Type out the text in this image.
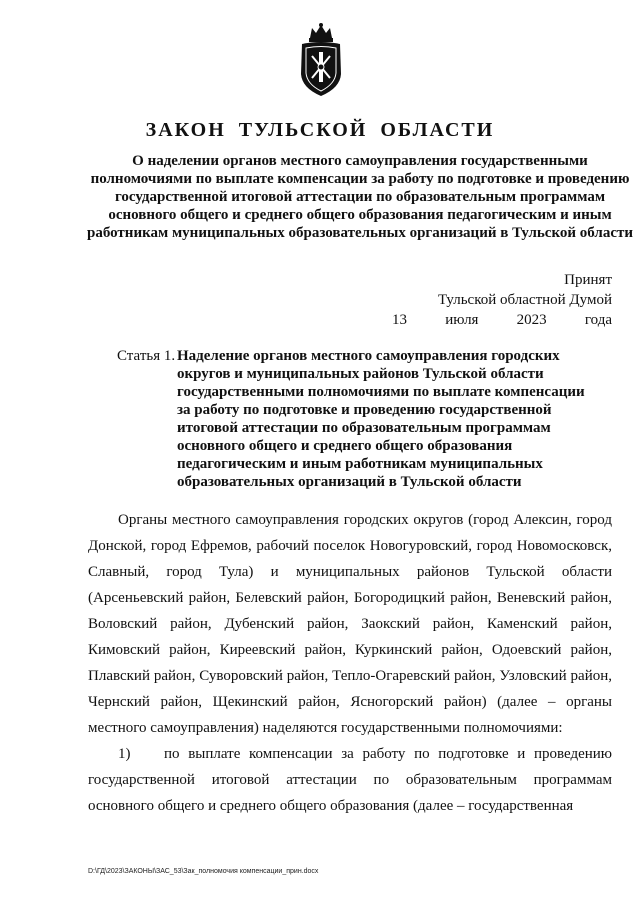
ЗАКОН ТУЛЬСКОЙ ОБЛАСТИ
О наделении органов местного самоуправления государственными полномочиями по выплате компенсации за работу по подготовке и проведению государственной итоговой аттестации по образовательным программам основного общего и среднего общего образования педагогическим и иным работникам муниципальных образовательных организаций в Тульской области
Принят
Тульской областной Думой
13	июля	2023	года
Статья 1. Наделение органов местного самоуправления городских округов и муниципальных районов Тульской области государственными полномочиями по выплате компенсации за работу по подготовке и проведению государственной итоговой аттестации по образовательным программам основного общего и среднего общего образования педагогическим и иным работникам муниципальных образовательных организаций в Тульской области

Органы местного самоуправления городских округов (город Алексин, город Донской, город Ефремов, рабочий поселок Новогуровский, город Новомосковск, Славный, город Тула) и муниципальных районов Тульской области (Арсеньевский район, Белевский район, Богородицкий район, Веневский район, Воловский район, Дубенский район, Заокский район, Каменский район, Кимовский район, Киреевский район, Куркинский район, Одоевский район, Плавский район, Суворовский район, Тепло-Огаревский район, Узловский район, Чернский район, Щекинский район, Ясногорский район) (далее – органы местного самоуправления) наделяются государственными полномочиями:

1) по выплате компенсации за работу по подготовке и проведению государственной итоговой аттестации по образовательным программам основного общего и среднего общего образования (далее – государственная

D:\ГД\2023\ЗАКОНЫ\ЗАС_53\Зак_полномочия компенсации_прин.docx
